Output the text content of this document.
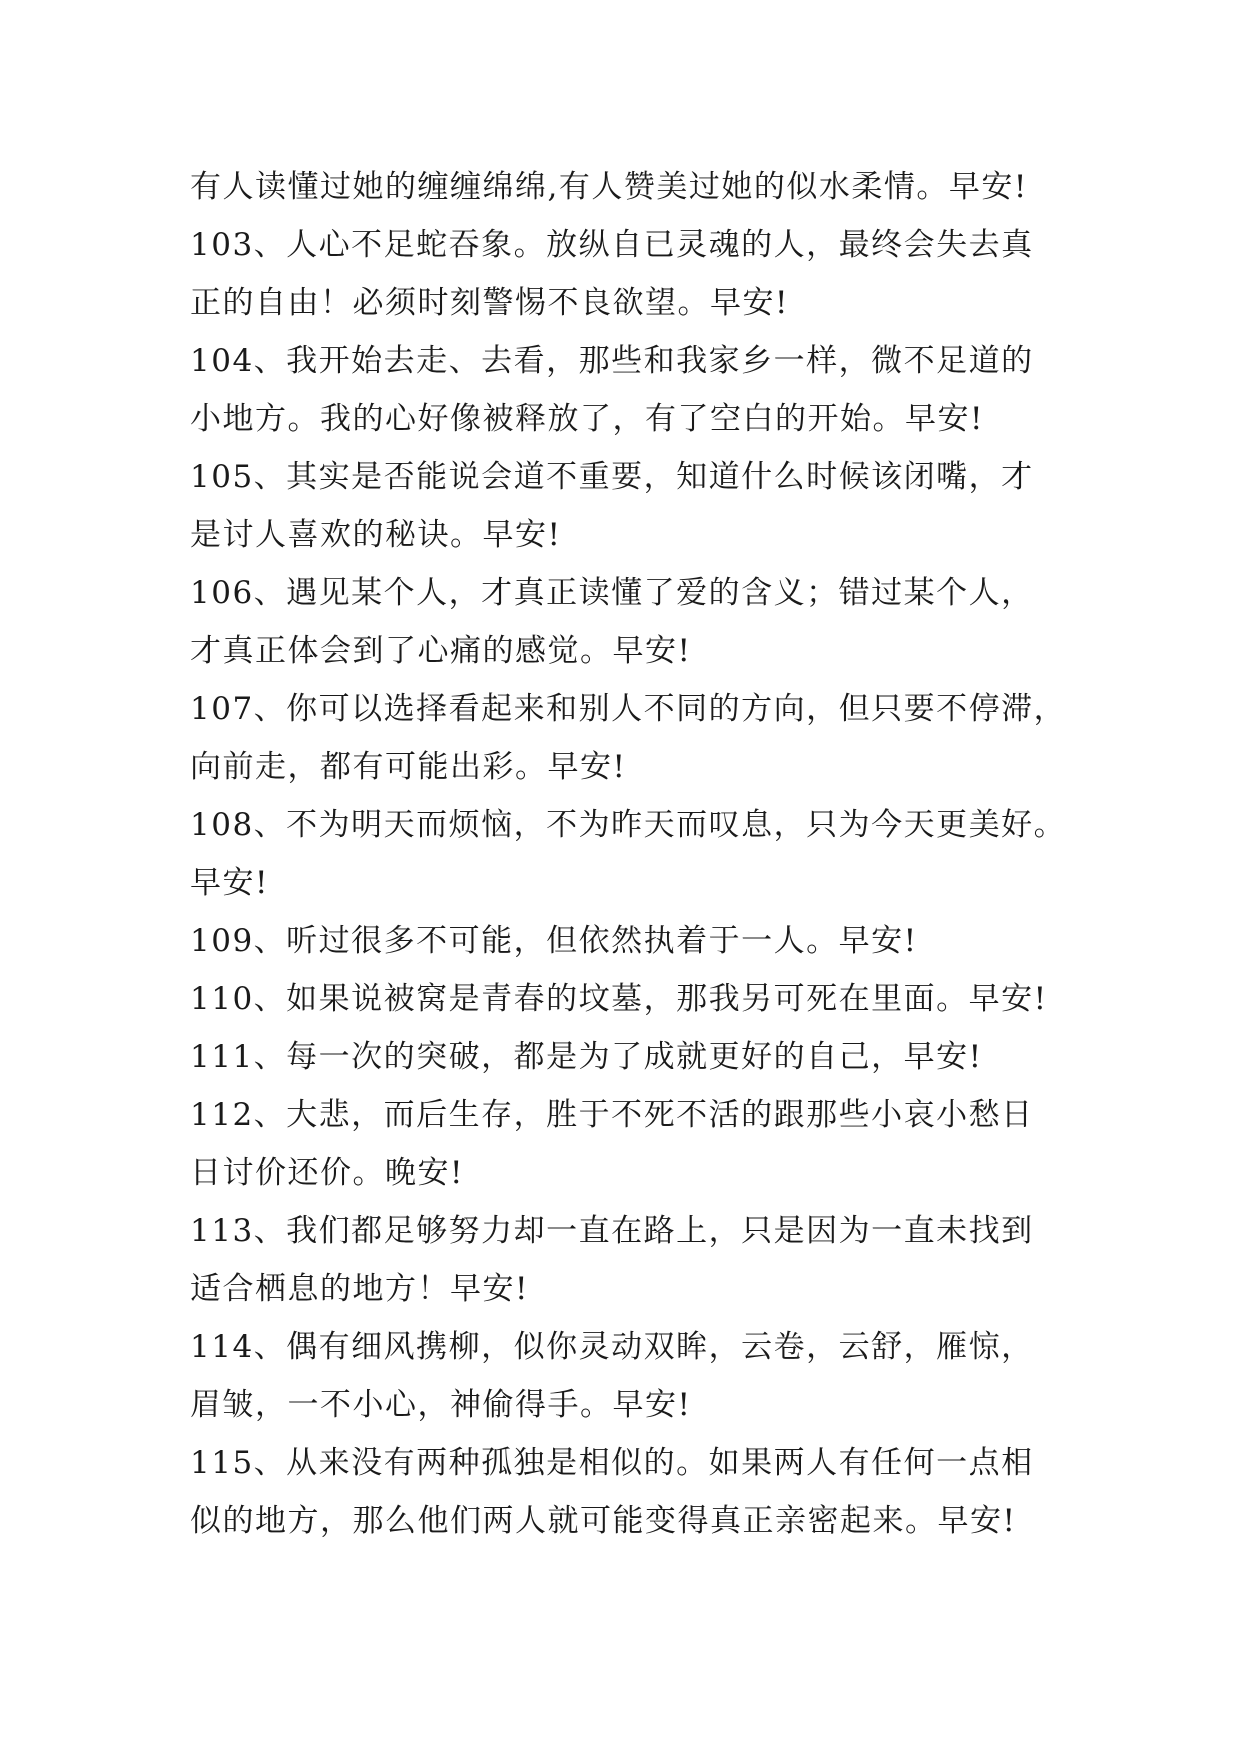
有人读懂过她的缠缠绵绵,有人赞美过她的似水柔情。早安!
103、人心不足蛇吞象。放纵自已灵魂的人，最终会失去真
正的自由！必须时刻警惕不良欲望。早安!
104、我开始去走、去看，那些和我家乡一样，微不足道的
小地方。我的心好像被释放了，有了空白的开始。早安!
105、其实是否能说会道不重要，知道什么时候该闭嘴，才
是讨人喜欢的秘诀。早安!
106、遇见某个人，才真正读懂了爱的含义；错过某个人，
才真正体会到了心痛的感觉。早安!
107、你可以选择看起来和别人不同的方向，但只要不停滞，
向前走，都有可能出彩。早安!
108、不为明天而烦恼，不为昨天而叹息，只为今天更美好。
早安!
109、听过很多不可能，但依然执着于一人。早安!
110、如果说被窝是青春的坟墓，那我另可死在里面。早安!
111、每一次的突破，都是为了成就更好的自己，早安!
112、大悲，而后生存，胜于不死不活的跟那些小哀小愁日
日讨价还价。晚安!
113、我们都足够努力却一直在路上，只是因为一直未找到
适合栖息的地方！早安!
114、偶有细风携柳，似你灵动双眸，云卷，云舒，雁惊，
眉皱，一不小心，神偷得手。早安!
115、从来没有两种孤独是相似的。如果两人有任何一点相
似的地方，那么他们两人就可能变得真正亲密起来。早安!
